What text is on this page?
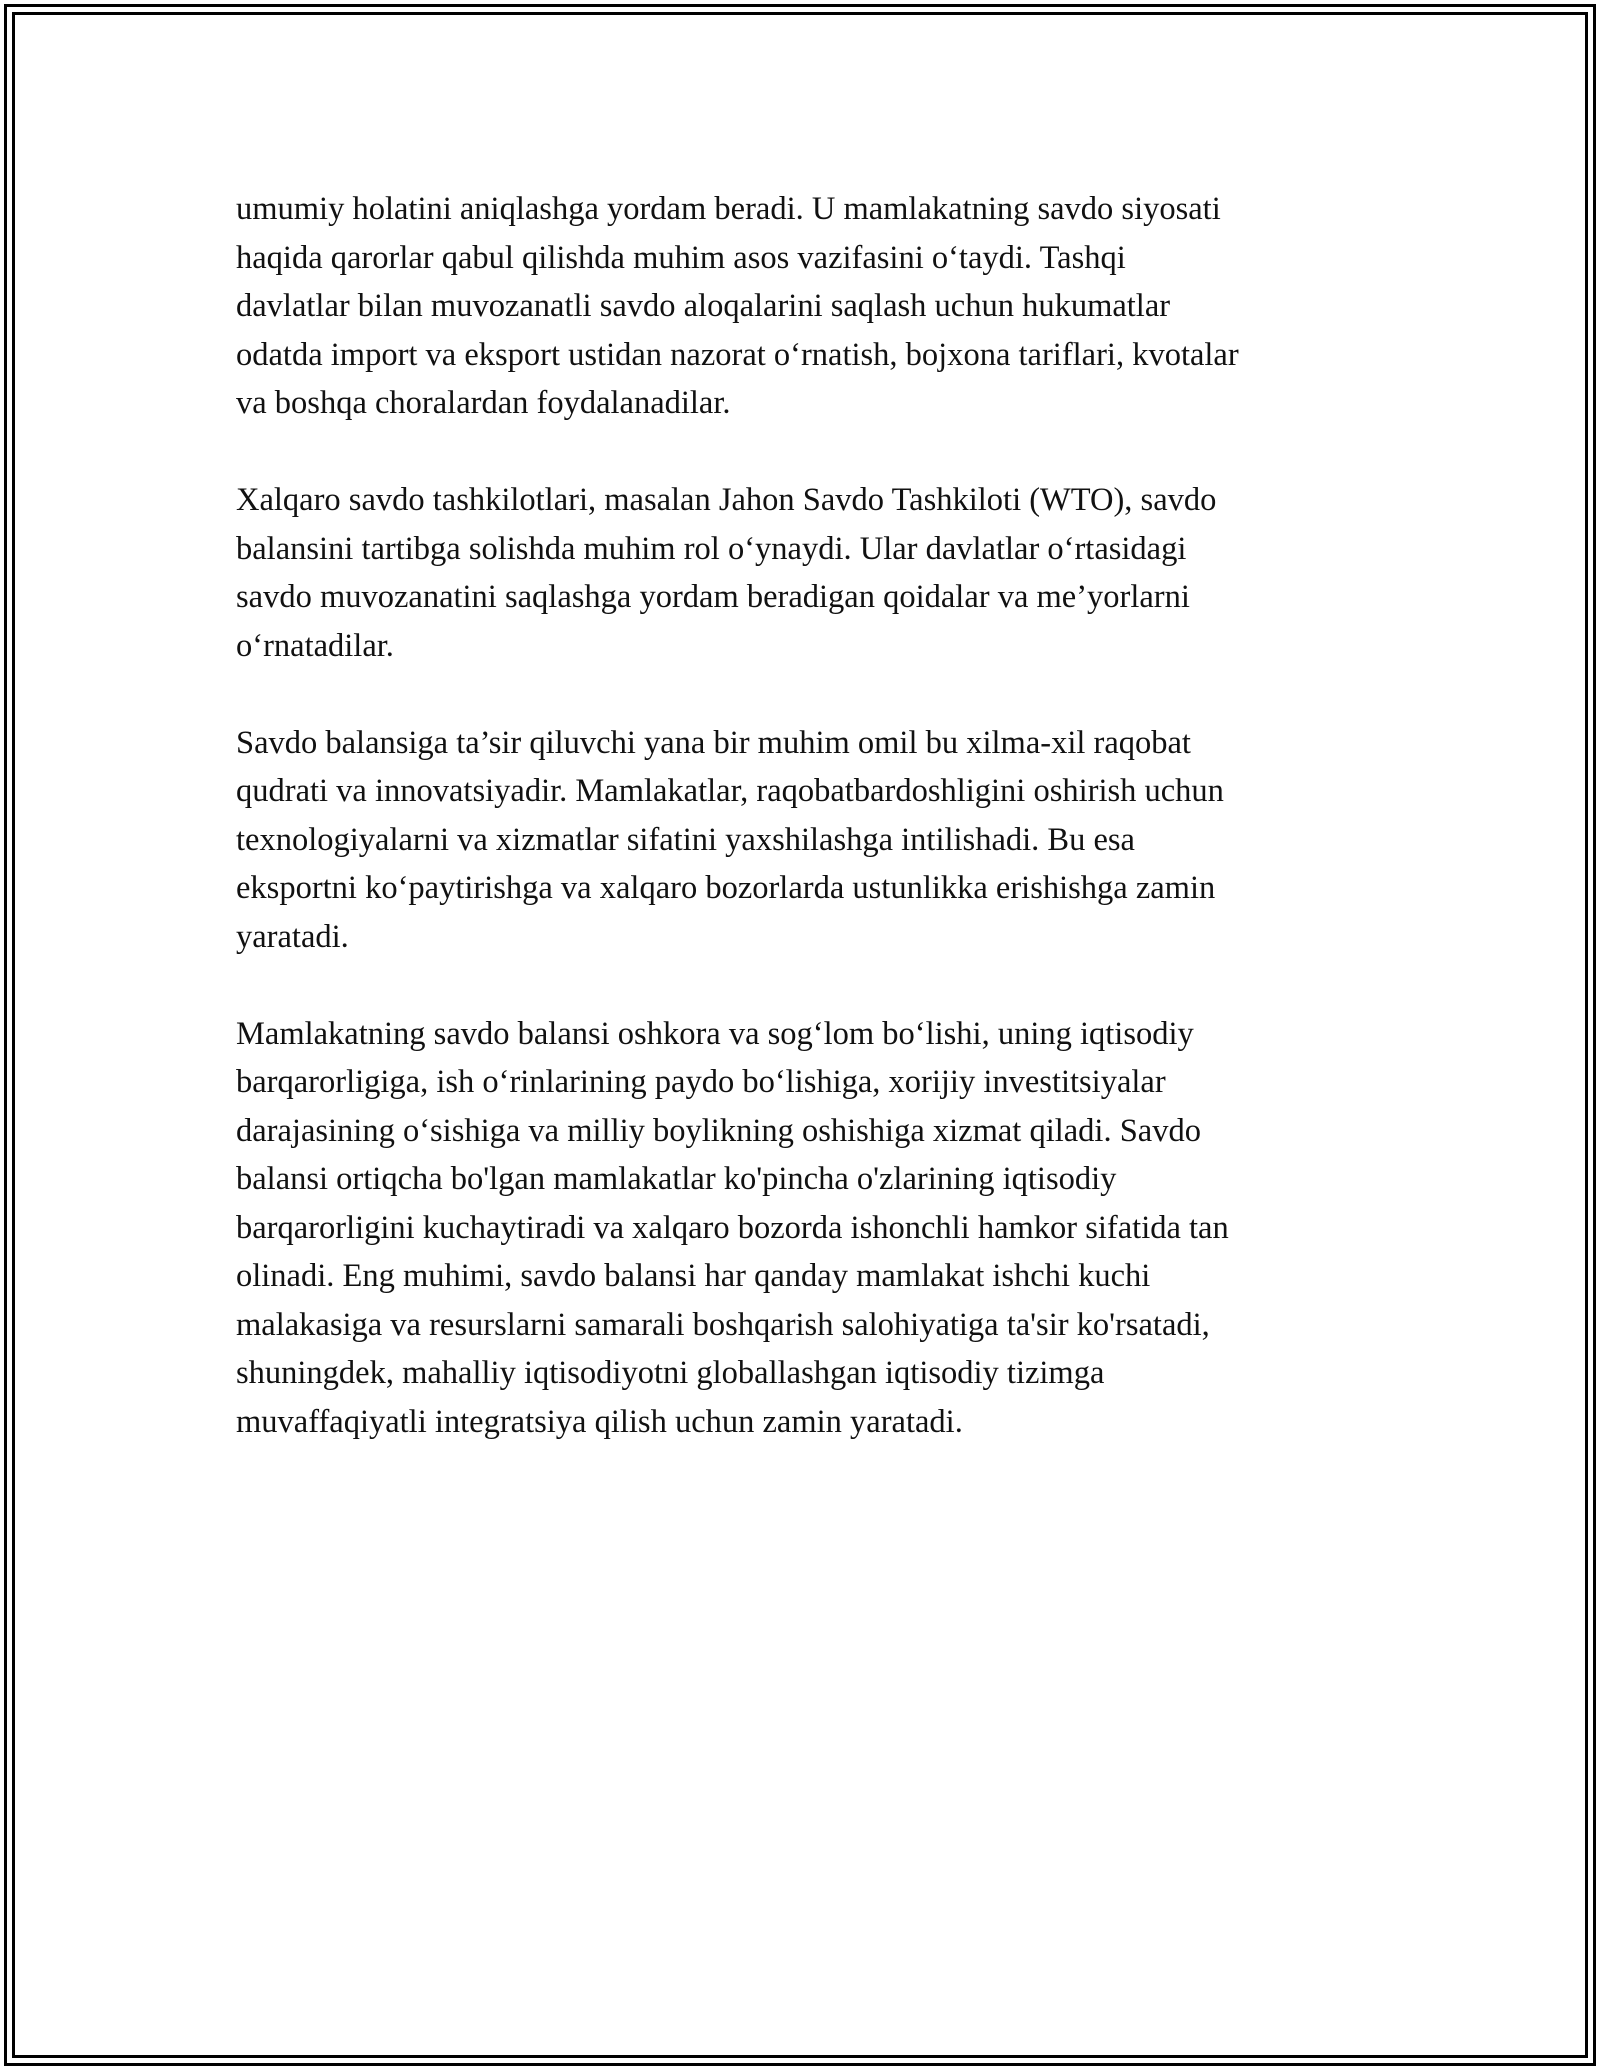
umumiy holatini aniqlashga yordam beradi. U mamlakatning savdo siyosati
haqida qarorlar qabul qilishda muhim asos vazifasini o‘taydi. Tashqi
davlatlar bilan muvozanatli savdo aloqalarini saqlash uchun hukumatlar
odatda import va eksport ustidan nazorat o‘rnatish, bojxona tariflari, kvotalar
va boshqa choralardan foydalanadilar.

Xalqaro savdo tashkilotlari, masalan Jahon Savdo Tashkiloti (WTO), savdo
balansini tartibga solishda muhim rol o‘ynaydi. Ular davlatlar o‘rtasidagi
savdo muvozanatini saqlashga yordam beradigan qoidalar va me’yorlarni
o‘rnatadilar.

Savdo balansiga ta’sir qiluvchi yana bir muhim omil bu xilma-xil raqobat
qudrati va innovatsiyadir. Mamlakatlar, raqobatbardoshligini oshirish uchun
texnologiyalarni va xizmatlar sifatini yaxshilashga intilishadi. Bu esa
eksportni ko‘paytirishga va xalqaro bozorlarda ustunlikka erishishga zamin
yaratadi.

Mamlakatning savdo balansi oshkora va sog‘lom bo‘lishi, uning iqtisodiy
barqarorligiga, ish o‘rinlarining paydo bo‘lishiga, xorijiy investitsiyalar
darajasining o‘sishiga va milliy boylikning oshishiga xizmat qiladi. Savdo
balansi ortiqcha bo'lgan mamlakatlar ko'pincha o'zlarining iqtisodiy
barqarorligini kuchaytiradi va xalqaro bozorda ishonchli hamkor sifatida tan
olinadi. Eng muhimi, savdo balansi har qanday mamlakat ishchi kuchi
malakasiga va resurslarni samarali boshqarish salohiyatiga ta'sir ko'rsatadi,
shuningdek, mahalliy iqtisodiyotni globallashgan iqtisodiy tizimga
muvaffaqiyatli integratsiya qilish uchun zamin yaratadi.
